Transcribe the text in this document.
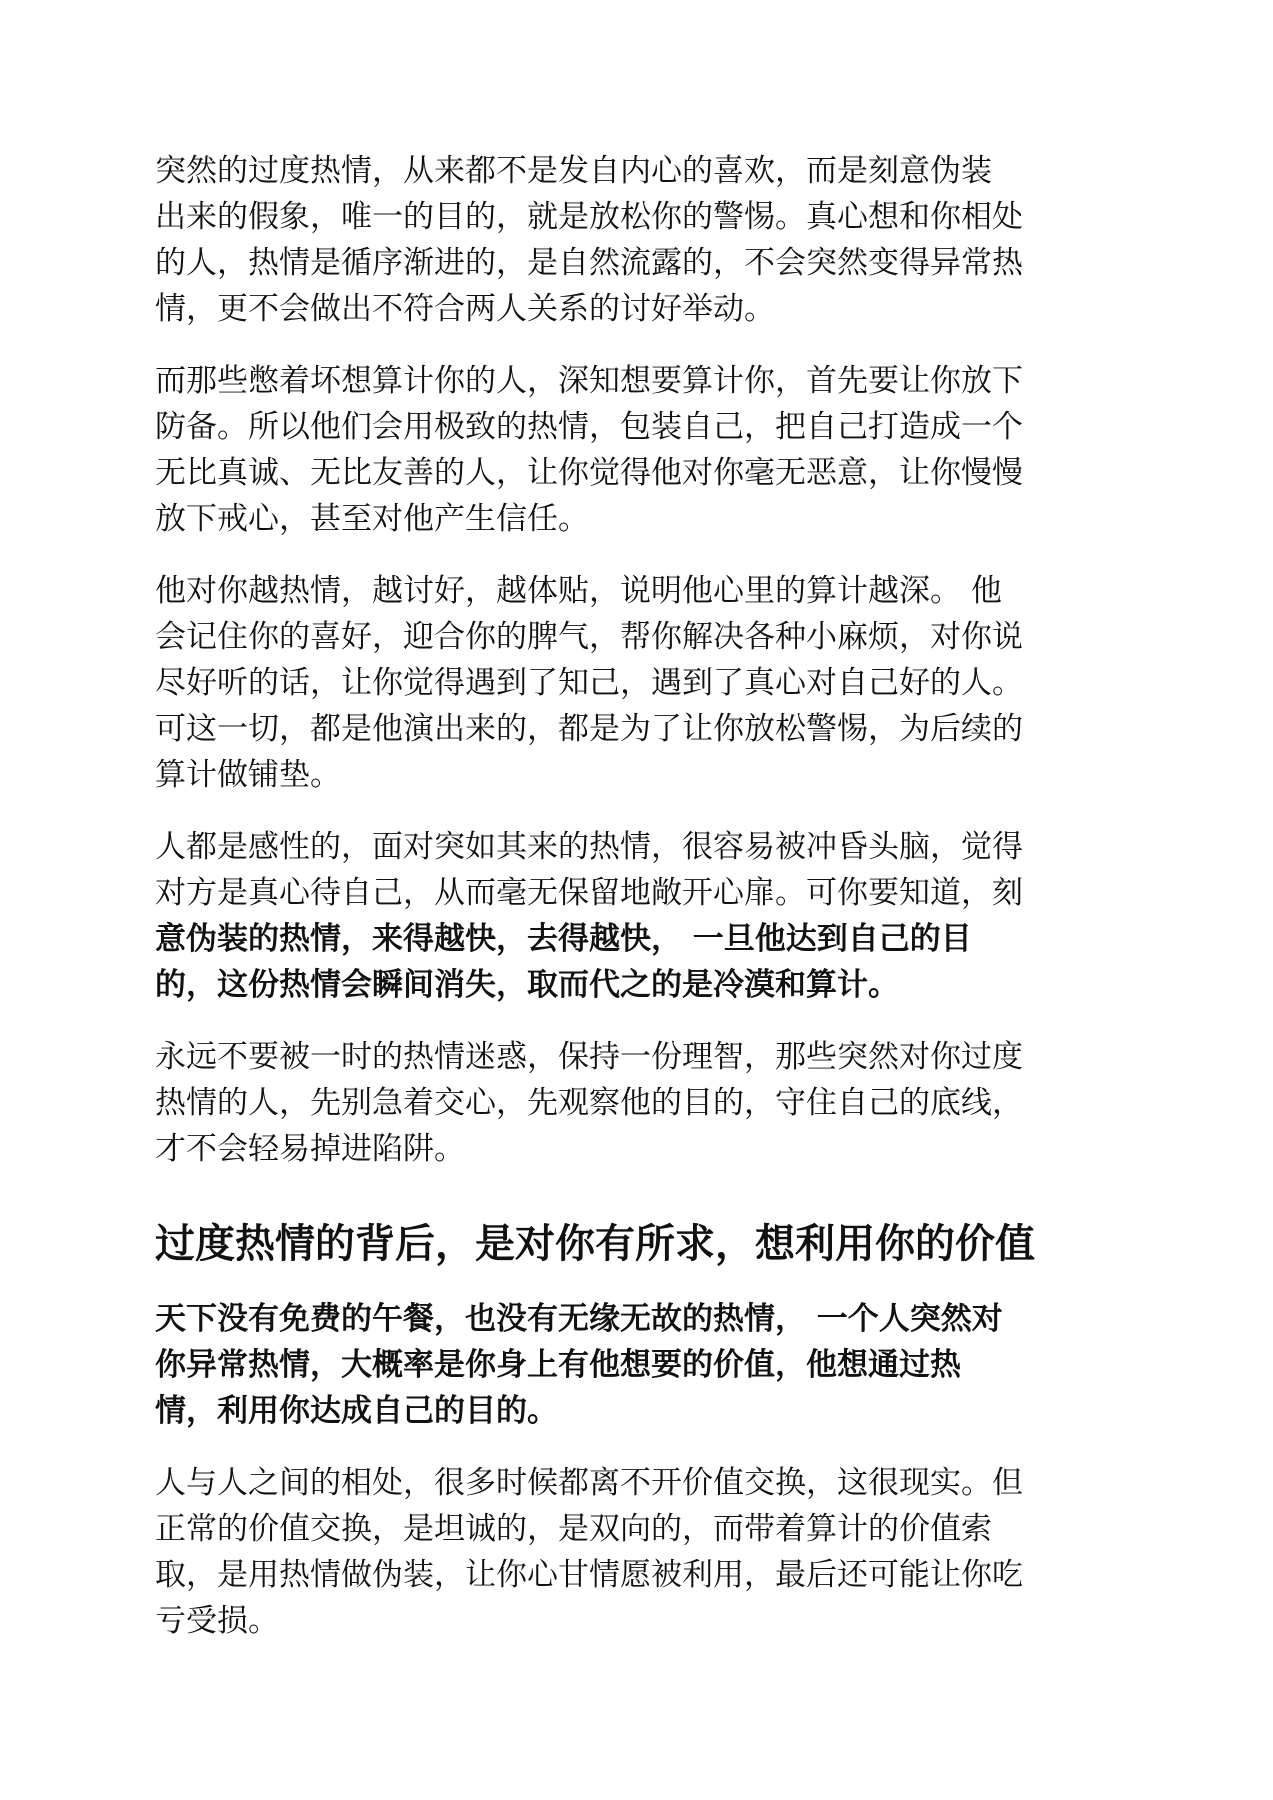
突然的过度热情，从来都不是发自内心的喜欢，而是刻意伪装
出来的假象，唯一的目的，就是放松你的警惕。真心想和你相处
的人，热情是循序渐进的，是自然流露的，不会突然变得异常热
情，更不会做出不符合两人关系的讨好举动。
而那些憋着坏想算计你的人，深知想要算计你，首先要让你放下
防备。所以他们会用极致的热情，包装自己，把自己打造成一个
无比真诚、无比友善的人，让你觉得他对你毫无恶意，让你慢慢
放下戒心，甚至对他产生信任。
他对你越热情，越讨好，越体贴，说明他心里的算计越深。 他
会记住你的喜好，迎合你的脾气，帮你解决各种小麻烦，对你说
尽好听的话，让你觉得遇到了知己，遇到了真心对自己好的人。
可这一切，都是他演出来的，都是为了让你放松警惕，为后续的
算计做铺垫。
人都是感性的，面对突如其来的热情，很容易被冲昏头脑，觉得
对方是真心待自己，从而毫无保留地敞开心扉。可你要知道，刻
意伪装的热情，来得越快，去得越快， 一旦他达到自己的目
的，这份热情会瞬间消失，取而代之的是冷漠和算计。
永远不要被一时的热情迷惑，保持一份理智，那些突然对你过度
热情的人，先别急着交心，先观察他的目的，守住自己的底线，
才不会轻易掉进陷阱。
过度热情的背后，是对你有所求，想利用你的价值
天下没有免费的午餐，也没有无缘无故的热情， 一个人突然对
你异常热情，大概率是你身上有他想要的价值，他想通过热
情，利用你达成自己的目的。
人与人之间的相处，很多时候都离不开价值交换，这很现实。但
正常的价值交换，是坦诚的，是双向的，而带着算计的价值索
取，是用热情做伪装，让你心甘情愿被利用，最后还可能让你吃
亏受损。
